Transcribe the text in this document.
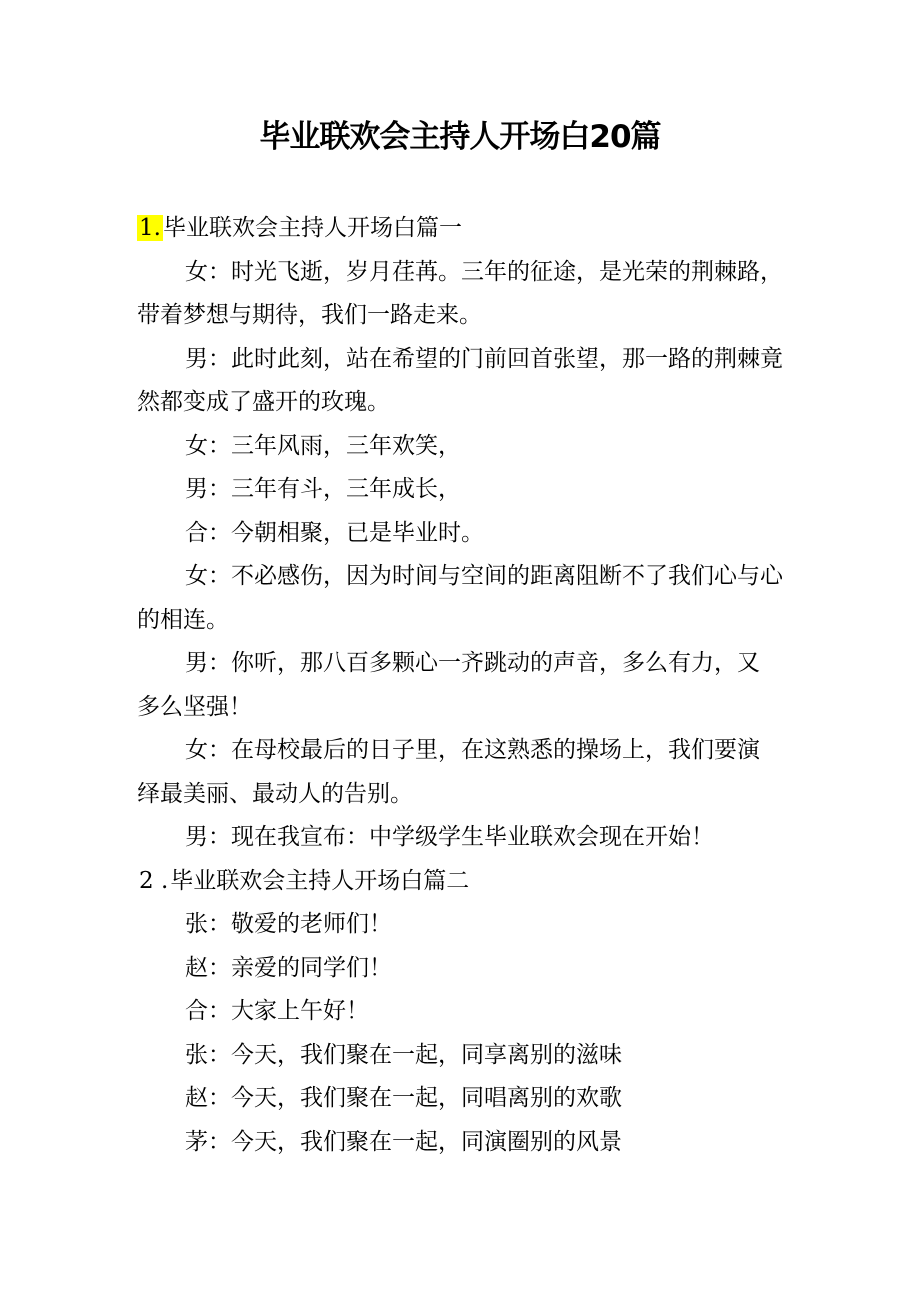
毕业联欢会主持人开场白20篇
1.毕业联欢会主持人开场白篇一
女：时光飞逝，岁月荏苒。三年的征途，是光荣的荆棘路，
带着梦想与期待，我们一路走来。
男：此时此刻，站在希望的门前回首张望，那一路的荆棘竟
然都变成了盛开的玫瑰。
女：三年风雨，三年欢笑，
男：三年有斗，三年成长，
合：今朝相聚，已是毕业时。
女：不必感伤，因为时间与空间的距离阻断不了我们心与心
的相连。
男：你听，那八百多颗心一齐跳动的声音，多么有力，又
多么坚强！
女：在母校最后的日子里，在这熟悉的操场上，我们要演
绎最美丽、最动人的告别。
男：现在我宣布：中学级学生毕业联欢会现在开始！
2 .毕业联欢会主持人开场白篇二
张：敬爱的老师们！
赵：亲爱的同学们！
合：大家上午好！
张：今天，我们聚在一起，同享离别的滋味
赵：今天，我们聚在一起，同唱离别的欢歌
茅：今天，我们聚在一起，同演圈别的风景
